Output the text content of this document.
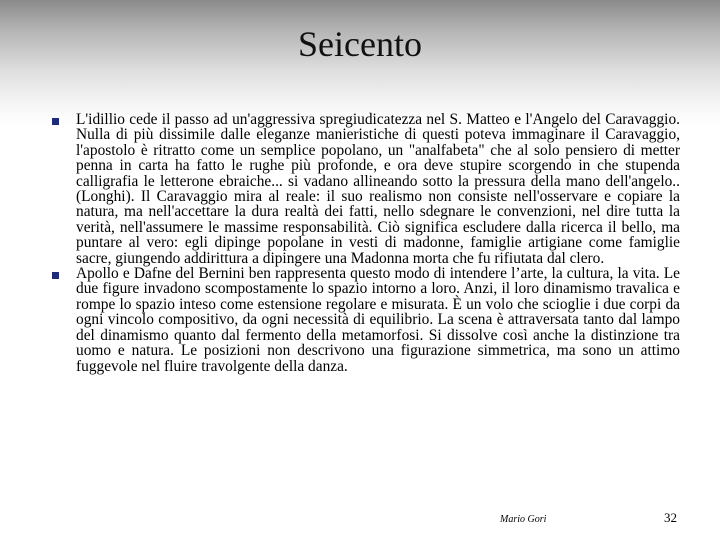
Seicento
L'idillio cede il passo ad un'aggressiva spregiudicatezza nel S. Matteo e l'Angelo del Caravaggio. Nulla di più dissimile dalle eleganze manieristiche di questi poteva immaginare il Caravaggio, l'apostolo è ritratto come un semplice popolano, un "analfabeta" che al solo pensiero di metter penna in carta ha fatto le rughe più profonde, e ora deve stupire scorgendo in che stupenda calligrafia le letterone ebraiche... si vadano allineando sotto la pressura della mano dell'angelo.. (Longhi). Il Caravaggio mira al reale: il suo realismo non consiste nell'osservare e copiare la natura, ma nell'accettare la dura realtà dei fatti, nello sdegnare le convenzioni, nel dire tutta la verità, nell'assumere le massime responsabilità. Ciò significa escludere dalla ricerca il bello, ma puntare al vero: egli dipinge popolane in vesti di madonne, famiglie artigiane come famiglie sacre, giungendo addirittura a dipingere una Madonna morta che fu rifiutata dal clero.
Apollo e Dafne del Bernini ben rappresenta questo modo di intendere l’arte, la cultura, la vita. Le due figure invadono scompostamente lo spazio intorno a loro. Anzi, il loro dinamismo travalica e rompe lo spazio inteso come estensione regolare e misurata. È un volo che scioglie i due corpi da ogni vincolo compositivo, da ogni necessità di equilibrio. La scena è attraversata tanto dal lampo del dinamismo quanto dal fermento della metamorfosi. Si dissolve così anche la distinzione tra uomo e natura. Le posizioni non descrivono una figurazione simmetrica, ma sono un attimo fuggevole nel fluire travolgente della danza.
Mario Gori	32
